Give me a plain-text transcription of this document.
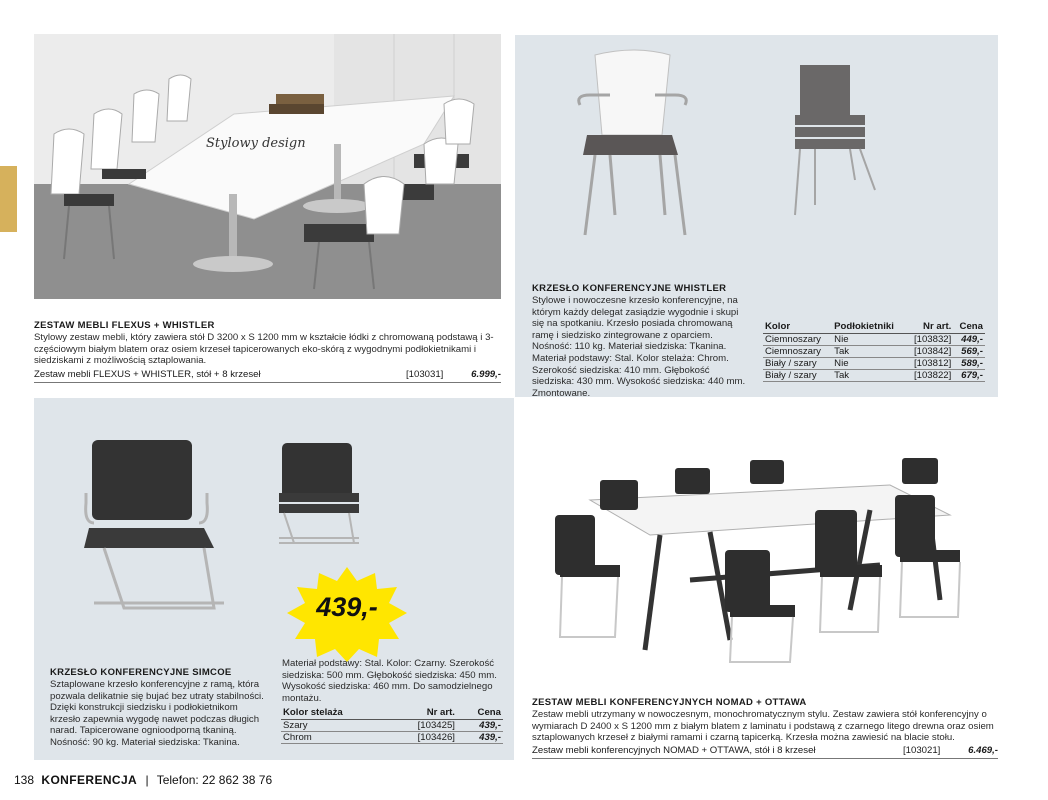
Stylowy design
ZESTAW MEBLI FLEXUS + WHISTLER
Stylowy zestaw mebli, który zawiera stół D 3200 x S 1200 mm w kształcie łódki z chromowaną podstawą i 3-częściowym białym blatem oraz osiem krzeseł tapicerowanych eko-skórą z wygodnymi podłokietnikami i siedziskami z możliwością sztaplowania.
Zestaw mebli FLEXUS + WHISTLER, stół + 8 krzeseł	[103031]	6.999,-
KRZESŁO KONFERENCYJNE WHISTLER
Stylowe i nowoczesne krzesło konferencyjne, na którym każdy delegat zasiądzie wygodnie i skupi się na spotkaniu. Krzesło posiada chromowaną ramę i siedzisko zintegrowane z oparciem. Nośność: 110 kg. Materiał siedziska: Tkanina. Materiał podstawy: Stal. Kolor stelaża: Chrom. Szerokość siedziska: 410 mm. Głębokość siedziska: 430 mm. Wysokość siedziska: 440 mm. Zmontowane.
Kolor	Podłokietniki	Nr art.	Cena
Ciemnoszary	Nie	[103832]	449,-
Ciemnoszary	Tak	[103842]	569,-
Biały / szary	Nie	[103812]	589,-
Biały / szary	Tak	[103822]	679,-
439,-
KRZESŁO KONFERENCYJNE SIMCOE
Sztaplowane krzesło konferencyjne z ramą, która pozwala delikatnie się bujać bez utraty stabilności. Dzięki konstrukcji siedzisku i podłokietnikom krzesło zapewnia wygodę nawet podczas długich narad. Tapicerowane ognioodporną tkaniną. Nośność: 90 kg. Materiał siedziska: Tkanina.
Materiał podstawy: Stal. Kolor: Czarny. Szerokość siedziska: 500 mm. Głębokość siedziska: 450 mm. Wysokość siedziska: 460 mm. Do samodzielnego montażu.
Kolor stelaża	Nr art.	Cena
Szary	[103425]	439,-
Chrom	[103426]	439,-
ZESTAW MEBLI KONFERENCYJNYCH NOMAD + OTTAWA
Zestaw mebli utrzymany w nowoczesnym, monochromatycznym stylu. Zestaw zawiera stół konferencyjny o wymiarach D 2400 x S 1200 mm z białym blatem z laminatu i podstawą z czarnego litego drewna oraz osiem sztaplowanych krzeseł z białymi ramami i czarną tapicerką. Krzesła można zawiesić na blacie stołu.
Zestaw mebli konferencyjnych NOMAD + OTTAWA, stół i 8 krzeseł	[103021]	6.469,-
138 KONFERENCJA | Telefon: 22 862 38 76
